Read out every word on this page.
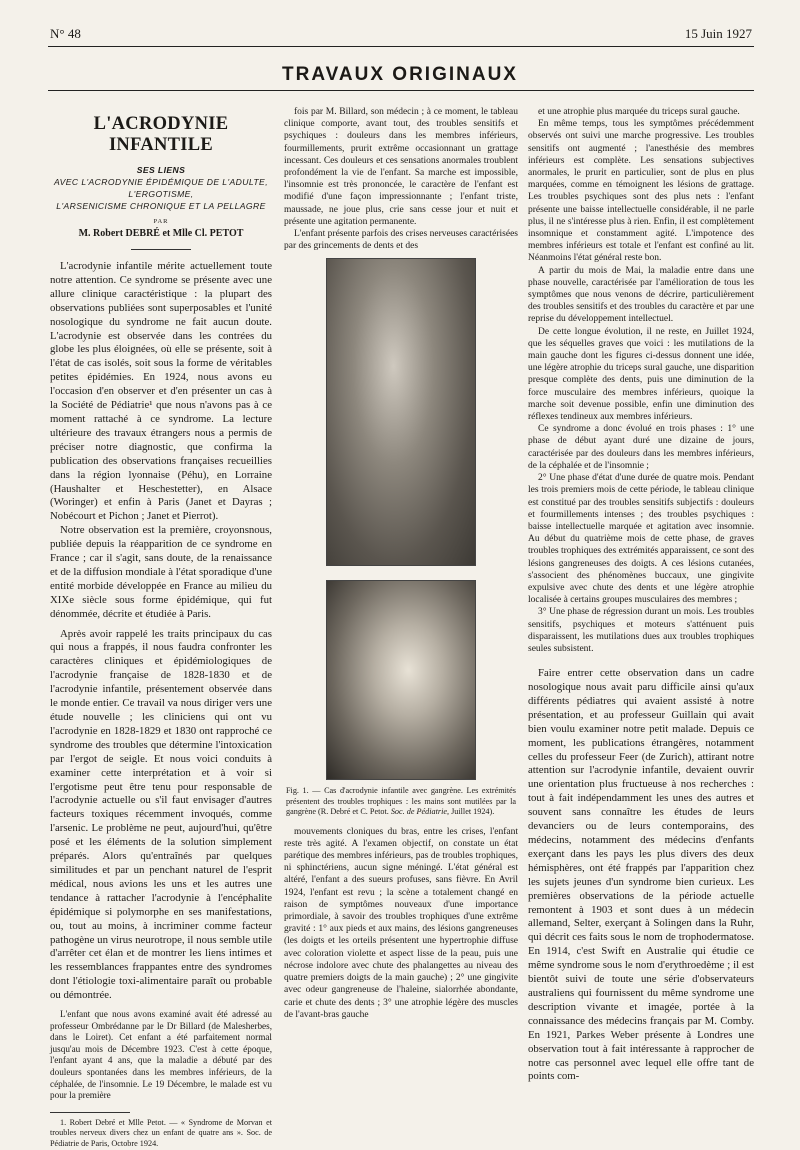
N° 48	15 Juin 1927
TRAVAUX ORIGINAUX
L'ACRODYNIE INFANTILE
SES LIENS
AVEC L'ACRODYNIE ÉPIDÉMIQUE DE L'ADULTE,
L'ERGOTISME,
L'ARSENICISME CHRONIQUE ET LA PELLAGRE
PAR
M. Robert DEBRÉ et Mlle Cl. PETOT

L'acrodynie infantile mérite actuellement toute notre attention. Ce syndrome se présente avec une allure clinique caractéristique : la plupart des observations publiées sont superposables et l'unité nosologique du syndrome ne fait aucun doute. L'acrodynie est observée dans les contrées du globe les plus éloignées, où elle se présente, soit à l'état de cas isolés, soit sous la forme de véritables petites épidémies. En 1924, nous avons eu l'occasion d'en observer et d'en présenter un cas à la Société de Pédiatrie¹ que nous n'avons pas à ce moment rattaché à ce syndrome. La lecture ultérieure des travaux étrangers nous a permis de préciser notre diagnostic, que confirma la publication des observations françaises recueillies dans la région lyonnaise (Péhu), en Lorraine (Haushalter et Heschestetter), en Alsace (Woringer) et enfin à Paris (Janet et Dayras ; Nobécourt et Pichon ; Janet et Pierrot).

Notre observation est la première, croyonsnous, publiée depuis la réapparition de ce syndrome en France ; car il s'agit, sans doute, de la renaissance et de la diffusion mondiale à l'état sporadique d'une entité morbide développée en France au milieu du XIXe siècle sous forme épidémique, qui fut dénommée, décrite et étudiée à Paris.

Après avoir rappelé les traits principaux du cas qui nous a frappés, il nous faudra confronter les caractères cliniques et épidémiologiques de l'acrodynie française de 1828-1830 et de l'acrodynie infantile, présentement observée dans le monde entier. Ce travail va nous diriger vers une étude nouvelle ; les cliniciens qui ont vu l'acrodynie en 1828-1829 et 1830 ont rapproché ce syndrome des troubles que détermine l'intoxication par l'ergot de seigle. Et nous voici conduits à examiner cette interprétation et à voir si l'ergotisme peut être tenu pour responsable de l'acrodynie actuelle ou s'il faut envisager d'autres facteurs toxiques récemment invoqués, comme l'arsenic. Le problème ne peut, aujourd'hui, qu'être posé et les éléments de la solution simplement préparés. Alors qu'entraînés par quelques similitudes et par un penchant naturel de l'esprit médical, nous avions les uns et les autres une tendance à rattacher l'acrodynie à l'encéphalite épidémique si polymorphe en ses manifestations, ou, tout au moins, à incriminer comme facteur pathogène un virus neurotrope, il nous semble utile d'arrêter cet élan et de montrer les liens intimes et les ressemblances frappantes entre des syndromes dont l'étiologie toxi-alimentaire paraît ou probable ou démontrée.

L'enfant que nous avons examiné avait été adressé au professeur Ombrédanne par le Dr Billard (de Malesherbes, dans le Loiret). Cet enfant a été parfaitement normal jusqu'au mois de Décembre 1923. C'est à cette époque, l'enfant ayant 4 ans, que la maladie a débuté par des douleurs spontanées dans les membres inférieurs, de la céphalée, de l'insomnie. Le 19 Décembre, le malade est vu pour la première

1. Robert Debré et Mlle Petot. — « Syndrome de Morvan et troubles nerveux divers chez un enfant de quatre ans ». Soc. de Pédiatrie de Paris, Octobre 1924.

fois par M. Billard, son médecin ; à ce moment, le tableau clinique comporte, avant tout, des troubles sensitifs et psychiques : douleurs dans les membres inférieurs, fourmillements, prurit extrême occasionnant un grattage incessant. Ces douleurs et ces sensations anormales troublent profondément la vie de l'enfant. Sa marche est impossible, l'insomnie est très prononcée, le caractère de l'enfant est modifié d'une façon impressionnante ; l'enfant triste, maussade, ne joue plus, crie sans cesse jour et nuit et présente une agitation permanente.

L'enfant présente parfois des crises nerveuses caractérisées par des grincements de dents et des

Fig. 1. — Cas d'acrodynie infantile avec gangrène. Les extrémités présentent des troubles trophiques : les mains sont mutilées par la gangrène (R. Debré et C. Petot. Soc. de Pédiatrie, Juillet 1924).

mouvements cloniques du bras, entre les crises, l'enfant reste très agité. A l'examen objectif, on constate un état parétique des membres inférieurs, pas de troubles trophiques, ni sphinctériens, aucun signe méningé. L'état général est altéré, l'enfant a des sueurs profuses, sans fièvre. En Avril 1924, l'enfant est revu ; la scène a totalement changé en raison de symptômes nouveaux d'une importance primordiale, à savoir des troubles trophiques d'une extrême gravité : 1° aux pieds et aux mains, des lésions gangreneuses (les doigts et les orteils présentent une hypertrophie diffuse avec coloration violette et aspect lisse de la peau, puis une nécrose indolore avec chute des phalangettes au niveau des quatre premiers doigts de la main gauche) ; 2° une gingivite avec odeur gangreneuse de l'haleine, sialorrhée abondante, carie et chute des dents ; 3° une atrophie légère des muscles de l'avant-bras gauche

et une atrophie plus marquée du triceps sural gauche.

En même temps, tous les symptômes précédemment observés ont suivi une marche progressive. Les troubles sensitifs ont augmenté ; l'anesthésie des membres inférieurs est complète. Les sensations subjectives anormales, le prurit en particulier, sont de plus en plus marquées, comme en témoignent les lésions de grattage. Les troubles psychiques sont des plus nets : l'enfant présente une baisse intellectuelle considérable, il ne parle plus, il ne s'intéresse plus à rien. Enfin, il est complètement insomnique et constamment agité. L'impotence des membres inférieurs est totale et l'enfant est confiné au lit. Néanmoins l'état général reste bon.

A partir du mois de Mai, la maladie entre dans une phase nouvelle, caractérisée par l'amélioration de tous les symptômes que nous venons de décrire, particulièrement des troubles sensitifs et des troubles du caractère et par une reprise du développement intellectuel.

De cette longue évolution, il ne reste, en Juillet 1924, que les séquelles graves que voici : les mutilations de la main gauche dont les figures ci-dessus donnent une idée, une légère atrophie du triceps sural gauche, une disparition presque complète des dents, puis une diminution de la force musculaire des membres inférieurs, quoique la marche soit devenue possible, enfin une diminution des réflexes tendineux aux membres inférieurs.

Ce syndrome a donc évolué en trois phases : 1° une phase de début ayant duré une dizaine de jours, caractérisée par des douleurs dans les membres inférieurs, de la céphalée et de l'insomnie ;

2° Une phase d'état d'une durée de quatre mois. Pendant les trois premiers mois de cette période, le tableau clinique est constitué par des troubles sensitifs subjectifs : douleurs et fourmillements intenses ; des troubles psychiques : baisse intellectuelle marquée et agitation avec insomnie. Au début du quatrième mois de cette phase, de graves troubles trophiques des extrémités apparaissent, ce sont des lésions gangreneuses des doigts. A ces lésions cutanées, s'associent des phénomènes buccaux, une gingivite expulsive avec chute des dents et une légère atrophie localisée à certains groupes musculaires des membres ;

3° Une phase de régression durant un mois. Les troubles sensitifs, psychiques et moteurs s'atténuent puis disparaissent, les mutilations dues aux troubles trophiques seules subsistent.

Faire entrer cette observation dans un cadre nosologique nous avait paru difficile ainsi qu'aux différents pédiatres qui avaient assisté à notre présentation, et au professeur Guillain qui avait bien voulu examiner notre petit malade. Depuis ce moment, les publications étrangères, notamment celles du professeur Feer (de Zurich), attirant notre attention sur l'acrodynie infantile, devaient ouvrir une orientation plus fructueuse à nos recherches : tout à fait indépendamment les unes des autres et souvent sans connaître les études de leurs devanciers ou de leurs contemporains, des médecins, notamment des médecins d'enfants exerçant dans les pays les plus divers des deux hémisphères, ont été frappés par l'apparition chez les sujets jeunes d'un syndrome bien curieux. Les premières observations de la période actuelle remontent à 1903 et sont dues à un médecin allemand, Selter, exerçant à Solingen dans la Ruhr, qui décrit ces faits sous le nom de trophodermatose. En 1914, c'est Swift en Australie qui étudie ce même syndrome sous le nom d'erythroedème ; il est bientôt suivi de toute une série d'observateurs australiens qui fournissent du même syndrome une description vivante et imagée, portée à la connaissance des médecins français par M. Comby. En 1921, Parkes Weber présente à Londres une observation tout à fait intéressante à rapprocher de notre cas personnel avec lequel elle offre tant de points com-
